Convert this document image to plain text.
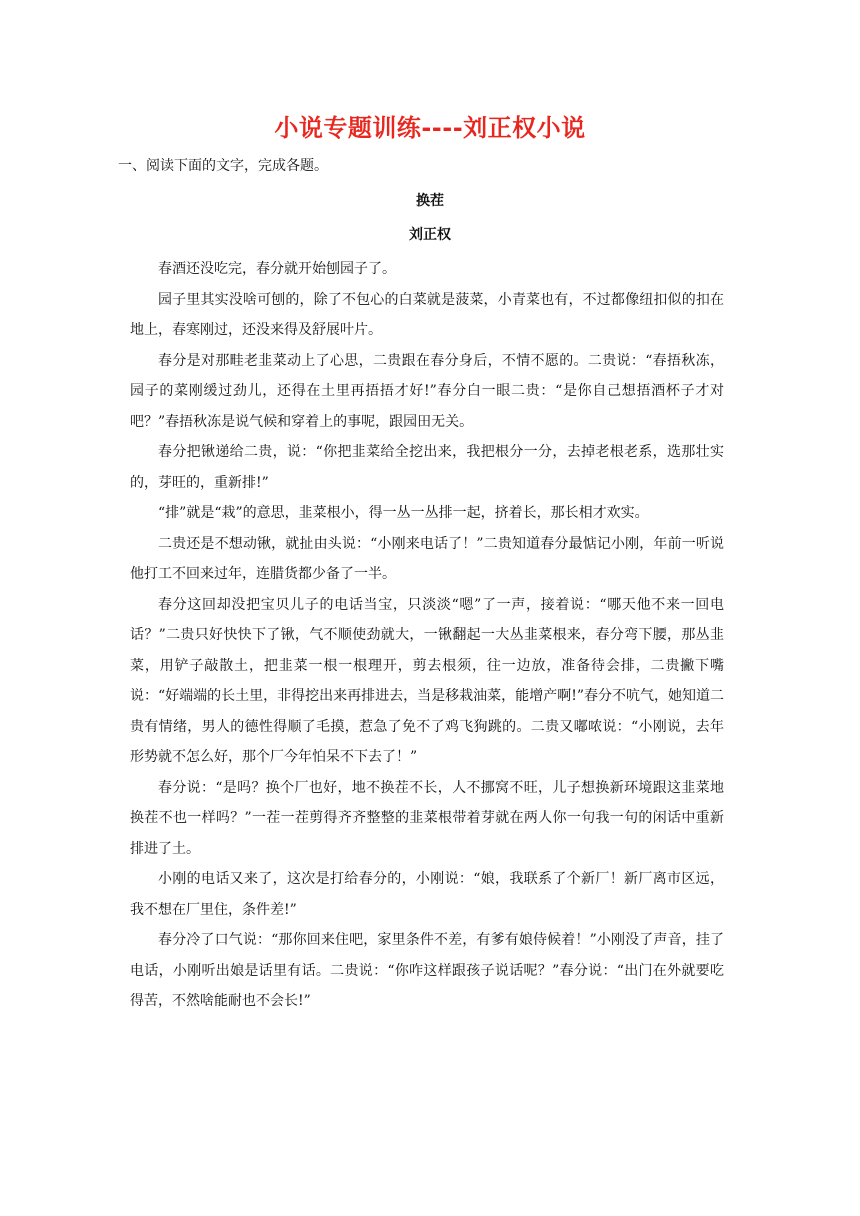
小说专题训练----刘正权小说
一、阅读下面的文字，完成各题。
换茬
刘正权

春酒还没吃完，春分就开始刨园子了。

园子里其实没啥可刨的，除了不包心的白菜就是菠菜，小青菜也有，不过都像纽扣似的扣在地上，春寒刚过，还没来得及舒展叶片。

春分是对那畦老韭菜动上了心思，二贵跟在春分身后，不情不愿的。二贵说：“春捂秋冻，园子的菜刚缓过劲儿，还得在土里再捂捂才好!”春分白一眼二贵：“是你自己想捂酒杯子才对吧？”春捂秋冻是说气候和穿着上的事呢，跟园田无关。

春分把锹递给二贵，说：“你把韭菜给全挖出来，我把根分一分，去掉老根老系，选那壮实的，芽旺的，重新排!”

“排”就是“栽”的意思，韭菜根小，得一丛一丛排一起，挤着长，那长相才欢实。

二贵还是不想动锹，就扯由头说：“小刚来电话了！”二贵知道春分最惦记小刚，年前一听说他打工不回来过年，连腊货都少备了一半。

春分这回却没把宝贝儿子的电话当宝，只淡淡“嗯”了一声，接着说：“哪天他不来一回电话？”二贵只好快快下了锹，气不顺使劲就大，一锹翻起一大丛韭菜根来，春分弯下腰，那丛韭菜，用铲子敲散土，把韭菜一根一根理开，剪去根须，往一边放，准备待会排，二贵撇下嘴说：“好端端的长土里，非得挖出来再排进去，当是移栽油菜，能增产啊!”春分不吭气，她知道二贵有情绪，男人的德性得顺了毛摸，惹急了免不了鸡飞狗跳的。二贵又嘟哝说：“小刚说，去年形势就不怎么好，那个厂今年怕呆不下去了！”

春分说：“是吗？换个厂也好，地不换茬不长，人不挪窝不旺，儿子想换新环境跟这韭菜地换茬不也一样吗？”一茬一茬剪得齐齐整整的韭菜根带着芽就在两人你一句我一句的闲话中重新排进了土。

小刚的电话又来了，这次是打给春分的，小刚说：“娘，我联系了个新厂！新厂离市区远，我不想在厂里住，条件差!”

春分冷了口气说：“那你回来住吧，家里条件不差，有爹有娘侍候着！”小刚没了声音，挂了电话，小刚听出娘是话里有话。二贵说：“你咋这样跟孩子说话呢？”春分说：“出门在外就要吃得苦，不然啥能耐也不会长!”
